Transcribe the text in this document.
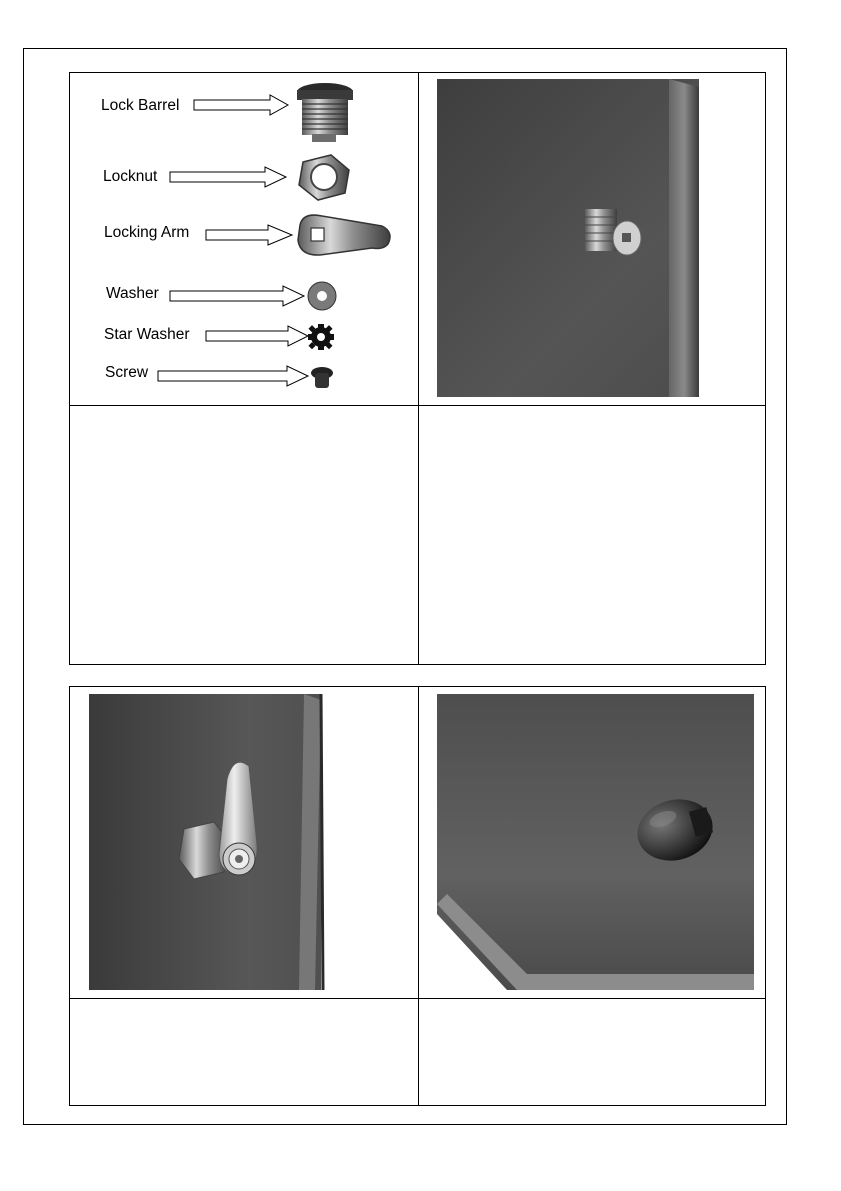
Lock Barrel
Locknut
Locking Arm
Washer
Star Washer
Screw
